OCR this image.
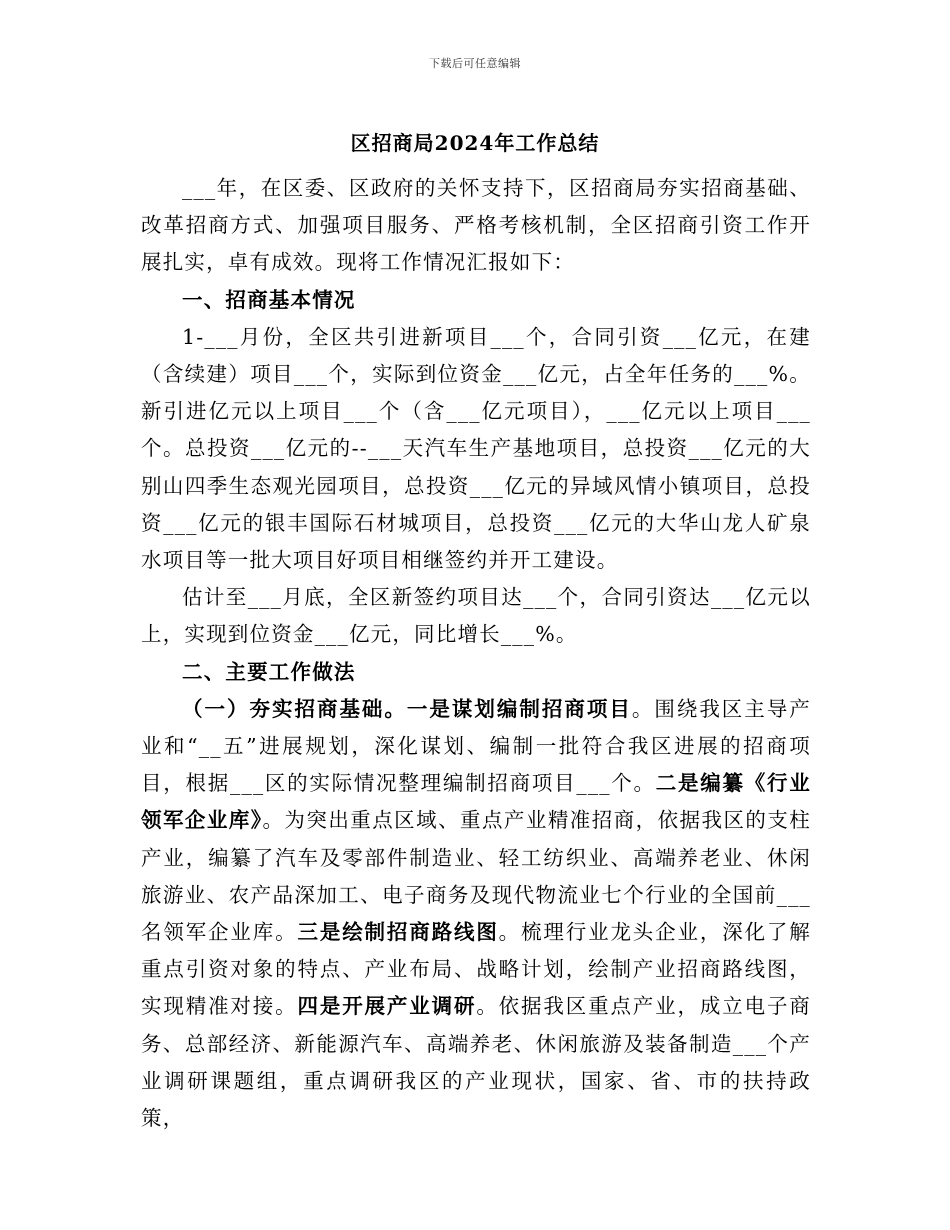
下载后可任意编辑
区招商局2024年工作总结

___年，在区委、区政府的关怀支持下，区招商局夯实招商基础、改革招商方式、加强项目服务、严格考核机制，全区招商引资工作开展扎实，卓有成效。现将工作情况汇报如下：

一、招商基本情况

1-___月份，全区共引进新项目___个，合同引资___亿元，在建（含续建）项目___个，实际到位资金___亿元，占全年任务的___%。新引进亿元以上项目___个（含___亿元项目），___亿元以上项目___个。总投资___亿元的--___天汽车生产基地项目，总投资___亿元的大别山四季生态观光园项目，总投资___亿元的异域风情小镇项目，总投资___亿元的银丰国际石材城项目，总投资___亿元的大华山龙人矿泉水项目等一批大项目好项目相继签约并开工建设。

估计至___月底，全区新签约项目达___个，合同引资达___亿元以上，实现到位资金___亿元，同比增长___%。

二、主要工作做法

（一）夯实招商基础。一是谋划编制招商项目。围绕我区主导产业和“__五”进展规划，深化谋划、编制一批符合我区进展的招商项目，根据___区的实际情况整理编制招商项目___个。二是编纂《行业领军企业库》。为突出重点区域、重点产业精准招商，依据我区的支柱产业，编纂了汽车及零部件制造业、轻工纺织业、高端养老业、休闲旅游业、农产品深加工、电子商务及现代物流业七个行业的全国前___名领军企业库。三是绘制招商路线图。梳理行业龙头企业，深化了解重点引资对象的特点、产业布局、战略计划，绘制产业招商路线图，实现精准对接。四是开展产业调研。依据我区重点产业，成立电子商务、总部经济、新能源汽车、高端养老、休闲旅游及装备制造___个产业调研课题组，重点调研我区的产业现状，国家、省、市的扶持政策，
